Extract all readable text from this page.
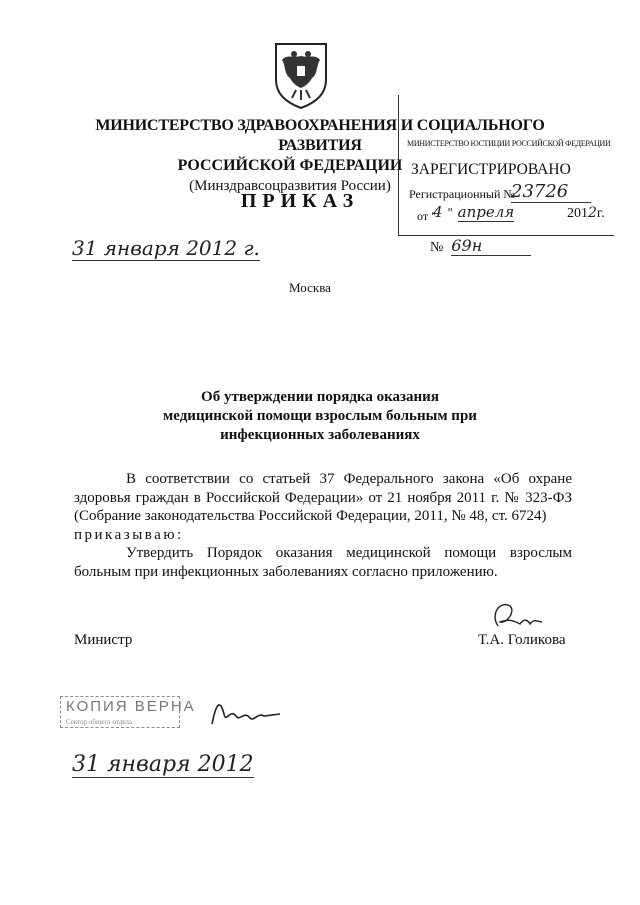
МИНИСТЕРСТВО ЗДРАВООХРАНЕНИЯ И СОЦИАЛЬНОГО РАЗВИТИЯ
РОССИЙСКОЙ ФЕДЕРАЦИИ
(Минздравсоцразвития России)
МИНИСТЕРСТВО ЮСТИЦИИ РОССИЙСКОЙ ФЕДЕРАЦИИ
ЗАРЕГИСТРИРОВАНО
Регистрационный №
23726
от "
4 " апреля	2012г.
ПРИКАЗ
31 января 2012 г.	№ 69н
Москва
Об утверждении порядка оказания
медицинской помощи взрослым больным при
инфекционных заболеваниях

В соответствии со статьей 37 Федерального закона «Об охране здоровья граждан в Российской Федерации» от 21 ноября 2011 г. № 323-ФЗ (Собрание законодательства Российской Федерации, 2011, № 48, ст. 6724)

приказываю:

Утвердить Порядок оказания медицинской помощи взрослым больным при инфекционных заболеваниях согласно приложению.

Министр	Т.А. Голикова
КОПИЯ ВЕРНА
Сектор общего отдела
31 января 2012
